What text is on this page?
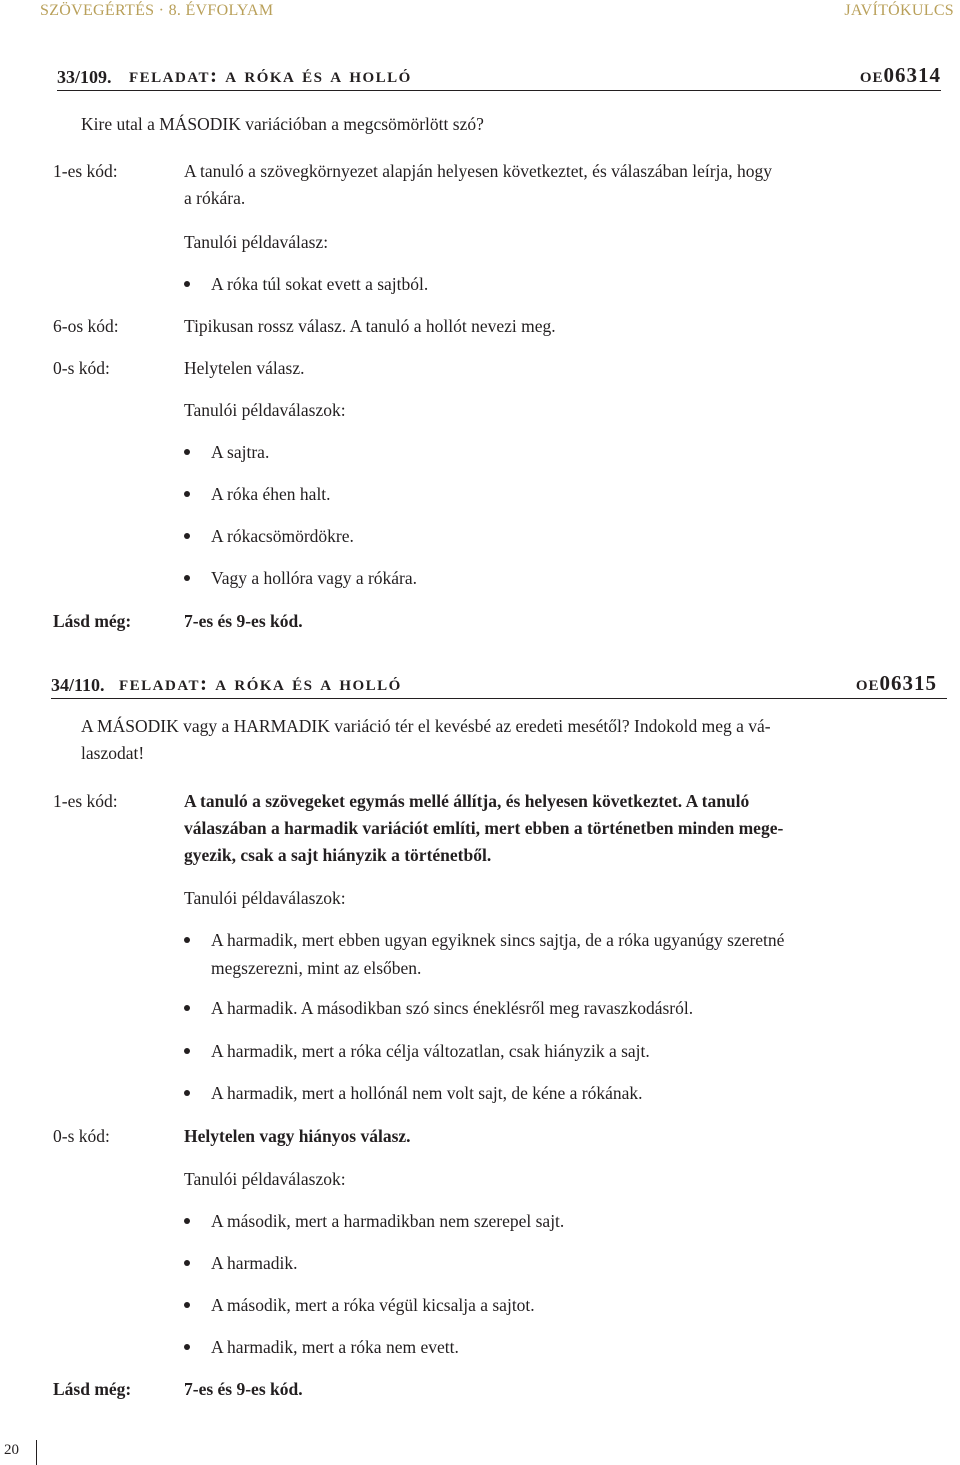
SZÖVEGÉRTÉS · 8. ÉVFOLYAM	JAVÍTÓKULCS
33/109. feladat: a róka és a holló	oe06314
Kire utal a MÁSODIK variációban a megcsömörlött szó?
1-es kód:	A tanuló a szövegkörnyezet alapján helyesen következtet, és válaszában leírja, hogy
a rókára.
Tanulói példaválasz:
A róka túl sokat evett a sajtból.
6-os kód:	Tipikusan rossz válasz. A tanuló a hollót nevezi meg.
0-s kód:	Helytelen válasz.
Tanulói példaválaszok:
A sajtra.
A róka éhen halt.
A rókacsömördökre.
Vagy a hollóra vagy a rókára.
Lásd még:	7-es és 9-es kód.
34/110. feladat: a róka és a holló	oe06315
A MÁSODIK vagy a HARMADIK variáció tér el kevésbé az eredeti mesétől? Indokold meg a vá-
laszodat!
1-es kód:	A tanuló a szövegeket egymás mellé állítja, és helyesen következtet. A tanuló
válaszában a harmadik variációt említi, mert ebben a történetben minden mege-
gyezik, csak a sajt hiányzik a történetből.
Tanulói példaválaszok:
A harmadik, mert ebben ugyan egyiknek sincs sajtja, de a róka ugyanúgy szeretné
megszerezni, mint az elsőben.
A harmadik. A másodikban szó sincs éneklésről meg ravaszkodásról.
A harmadik, mert a róka célja változatlan, csak hiányzik a sajt.
A harmadik, mert a hollónál nem volt sajt, de kéne a rókának.
0-s kód:	Helytelen vagy hiányos válasz.
Tanulói példaválaszok:
A második, mert a harmadikban nem szerepel sajt.
A harmadik.
A második, mert a róka végül kicsalja a sajtot.
A harmadik, mert a róka nem evett.
Lásd még:	7-es és 9-es kód.
20
